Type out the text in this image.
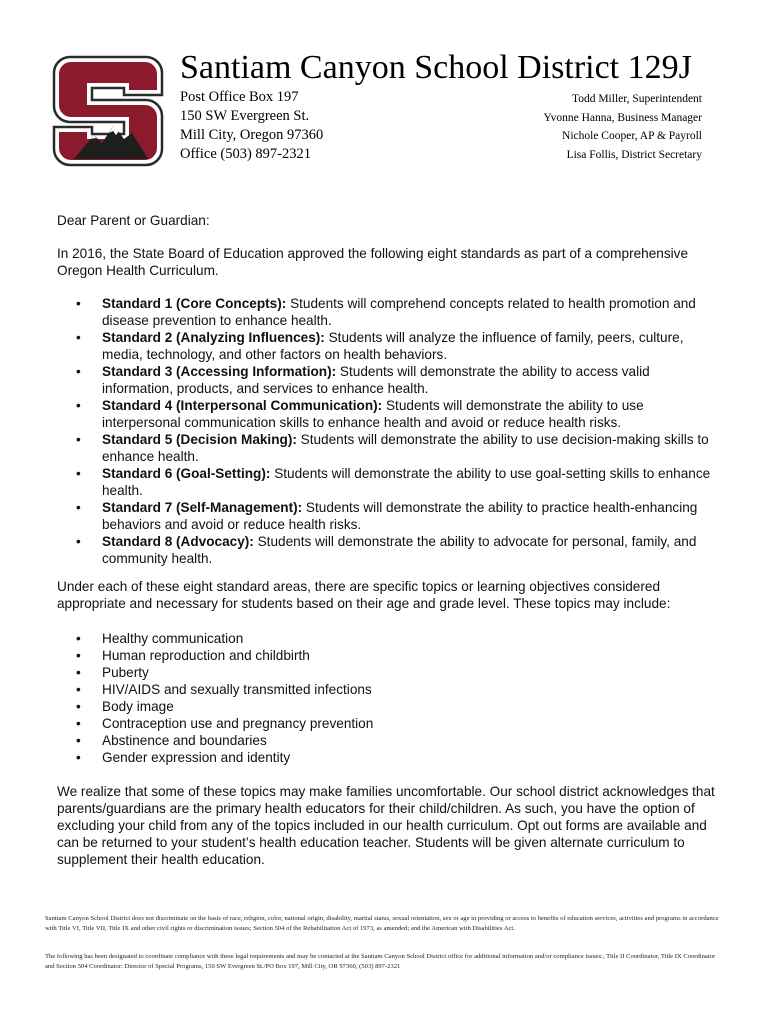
Santiam Canyon School District 129J
Post Office Box 197
150 SW Evergreen St.
Mill City, Oregon 97360
Office (503) 897-2321
Todd Miller, Superintendent
Yvonne Hanna, Business Manager
Nichole Cooper, AP & Payroll
Lisa Follis, District Secretary
Dear Parent or Guardian:
In 2016, the State Board of Education approved the following eight standards as part of a comprehensive Oregon Health Curriculum.
• Standard 1 (Core Concepts): Students will comprehend concepts related to health promotion and disease prevention to enhance health.
• Standard 2 (Analyzing Influences): Students will analyze the influence of family, peers, culture, media, technology, and other factors on health behaviors.
• Standard 3 (Accessing Information): Students will demonstrate the ability to access valid information, products, and services to enhance health.
• Standard 4 (Interpersonal Communication): Students will demonstrate the ability to use interpersonal communication skills to enhance health and avoid or reduce health risks.
• Standard 5 (Decision Making): Students will demonstrate the ability to use decision-making skills to enhance health.
• Standard 6 (Goal-Setting): Students will demonstrate the ability to use goal-setting skills to enhance health.
• Standard 7 (Self-Management): Students will demonstrate the ability to practice health-enhancing behaviors and avoid or reduce health risks.
• Standard 8 (Advocacy): Students will demonstrate the ability to advocate for personal, family, and community health.
Under each of these eight standard areas, there are specific topics or learning objectives considered appropriate and necessary for students based on their age and grade level. These topics may include:
• Healthy communication
• Human reproduction and childbirth
• Puberty
• HIV/AIDS and sexually transmitted infections
• Body image
• Contraception use and pregnancy prevention
• Abstinence and boundaries
• Gender expression and identity
We realize that some of these topics may make families uncomfortable. Our school district acknowledges that parents/guardians are the primary health educators for their child/children. As such, you have the option of excluding your child from any of the topics included in our health curriculum. Opt out forms are available and can be returned to your student’s health education teacher. Students will be given alternate curriculum to supplement their health education.
Santiam Canyon School District does not discriminate on the basis of race, religion, color, national origin, disability, marital status, sexual orientation, sex or age in providing or access to benefits of education services, activities and programs in accordance with Title VI, Title VII, Title IX and other civil rights or discrimination issues; Section 504 of the Rehabilitation Act of 1973, as amended; and the American with Disabilities Act.
The following has been designated to coordinate compliance with these legal requirements and may be contacted at the Santiam Canyon School District office for additional information and/or compliance issues:, Title II Coordinator, Title IX Coordinator and Section 504 Coordinator: Director of Special Programs, 150 SW Evergreen St./PO Box 197, Mill City, OR 97360, (503) 897-2321
